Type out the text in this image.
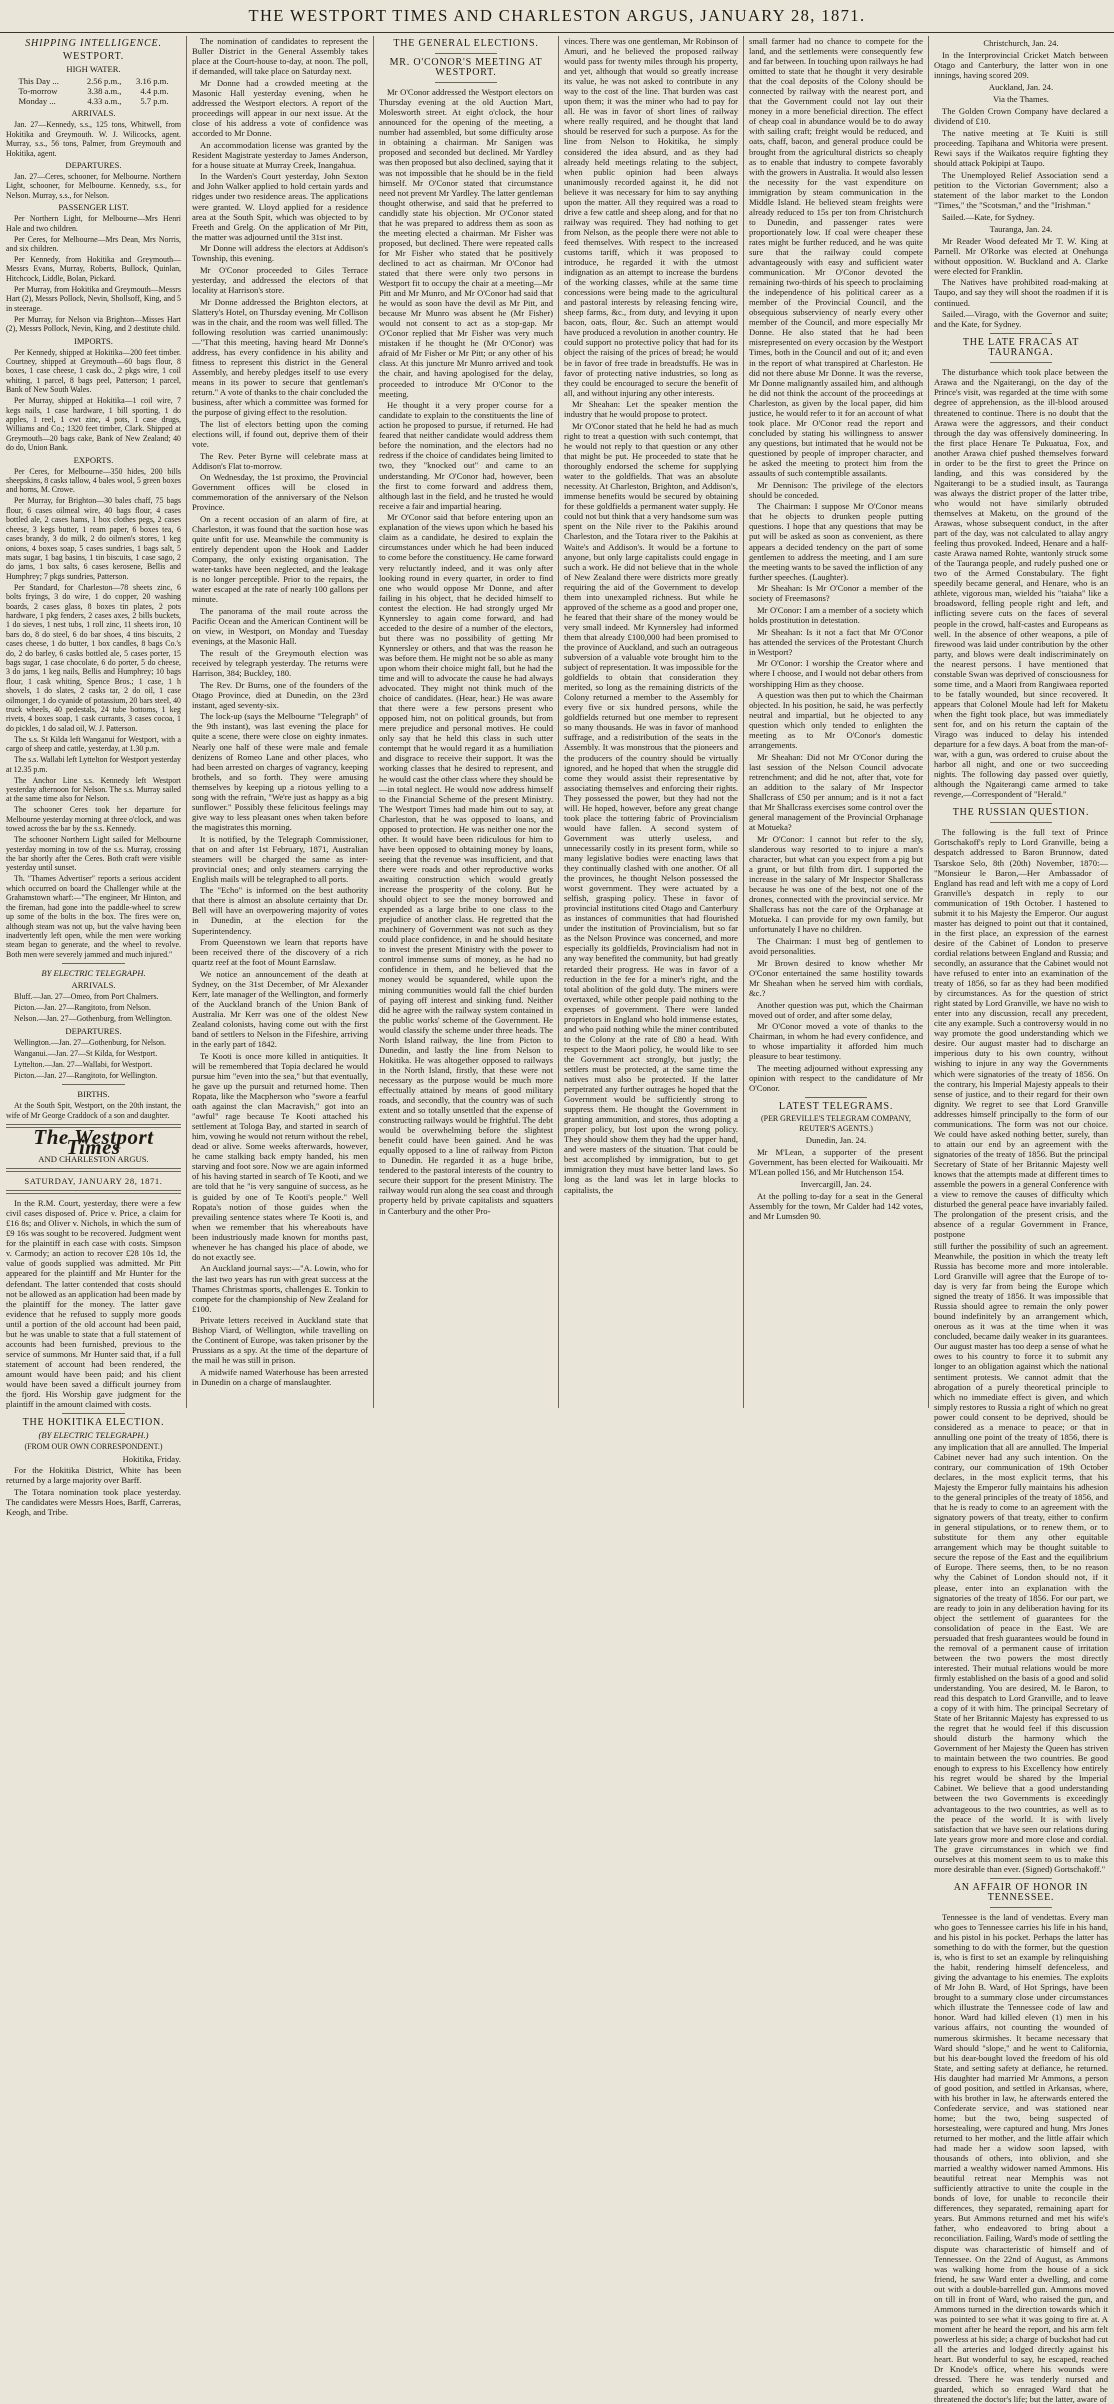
THE WESTPORT TIMES AND CHARLESTON ARGUS, JANUARY 28, 1871.
SHIPPING INTELLIGENCE.
WESTPORT.
HIGH WATER.
This Day ...	2.56 p.m.,	3.16 p.m.
To-morrow	3.38 a.m.,	4.4 p.m.
Monday ...	4.33 a.m.,	5.7 p.m.
ARRIVALS.

Jan. 27—Kennedy, s.s., 125 tons, Whitwell, from Hokitika and Greymouth. W. J. Wilicocks, agent. Murray, s.s., 56 tons, Palmer, from Greymouth and Hokitika, agent.

DEPARTURES.

Jan. 27—Ceres, schooner, for Melbourne. Northern Light, schooner, for Melbourne. Kennedy, s.s., for Nelson. Murray, s.s., for Nelson.

PASSENGER LIST.

Per Northern Light, for Melbourne—Mrs Henri Hale and two children.

Per Ceres, for Melbourne—Mrs Dean, Mrs Norris, and six children.

Per Kennedy, from Hokitika and Greymouth—Messrs Evans, Murray, Roberts, Bullock, Quinlan, Hitchcock, Liddle, Bolan, Pickard.

Per Murray, from Hokitika and Greymouth—Messrs Hart (2), Messrs Pollock, Nevin, Shollsoff, King, and 5 in steerage.

Per Murray, for Nelson via Brighton—Misses Hart (2), Messrs Pollock, Nevin, King, and 2 destitute child.

IMPORTS.

Per Kennedy, shipped at Hokitika—200 feet timber. Courtney, shipped at Greymouth—60 bags flour, 8 boxes, 1 case cheese, 1 cask do., 2 pkgs wire, 1 coil whiting, 1 parcel, 8 bags peel, Patterson; 1 parcel, Bank of New South Wales.

Per Murray, shipped at Hokitika—1 coil wire, 7 kegs nails, 1 case hardware, 1 bill sporting, 1 do apples, 1 reel, 1 cwt zinc, 4 pots, 1 case drugs, Williams and Co.; 1320 feet timber, Clark. Shipped at Greymouth—20 bags cake, Bank of New Zealand; 40 do do, Union Bank.

EXPORTS.

Per Ceres, for Melbourne—350 hides, 200 bills sheepskins, 8 casks tallow, 4 bales wool, 5 green boxes and horns, M. Crowe.

Per Murray, for Brighton—30 bales chaff, 75 bags flour, 6 cases oilmeal wire, 40 bags flour, 4 cases bottled ale, 2 cases hams, 1 box clothes pegs, 2 cases cheese, 3 kegs butter, 1 ream paper, 6 boxes tea, 6 cases brandy, 3 do milk, 2 do oilmen's stores, 1 keg onions, 4 boxes soap, 5 cases sundries, 1 bags salt, 5 mats sugar, 1 bag basins, 1 tin biscuits, 1 case sago, 2 do jams, 1 box salts, 6 cases kerosene, Bellis and Humphrey; 7 pkgs sundries, Patterson.

Per Standard, for Charleston—78 sheets zinc, 6 bolts fryings, 3 do wire, 1 do copper, 20 washing boards, 2 cases glass, 8 boxes tin plates, 2 pots hardware, 1 pkg fenders, 2 cases axes, 2 bills buckets, 1 do sieves, 1 nest tubs, 1 roll zinc, 11 sheets iron, 10 bars do, 8 do steel, 6 do bar shoes, 4 tins biscuits, 2 cases cheese, 1 do butter, 1 box candles, 8 bags Co.'s do, 2 do barley, 6 casks bottled ale, 5 cases porter, 15 bags sugar, 1 case chocolate, 6 do porter, 5 do cheese, 3 do jams, 1 keg nails, Bellis and Humphrey; 10 bags flour, 1 cask whiting, Spence Bros.; 1 case, 1 h shovels, 1 do slates, 2 casks tar, 2 do oil, 1 case oilmonger, 1 do cyanide of potassium, 20 bars steel, 40 truck wheels, 40 pedestals, 24 tube bottoms, 1 keg rivets, 4 boxes soap, 1 cask currants, 3 cases cocoa, 1 do pickles, 1 do salad oil, W. J. Patterson.

The s.s. St Kilda left Wanganui for Westport, with a cargo of sheep and cattle, yesterday, at 1.30 p.m.

The s.s. Wallabi left Lyttelton for Westport yesterday at 12.35 p.m.

The Anchor Line s.s. Kennedy left Westport yesterday afternoon for Nelson. The s.s. Murray sailed at the same time also for Nelson.

The schooner Ceres took her departure for Melbourne yesterday morning at three o'clock, and was towed across the bar by the s.s. Kennedy.

The schooner Northern Light sailed for Melbourne yesterday morning in tow of the s.s. Murray, crossing the bar shortly after the Ceres. Both craft were visible yesterday until sunset.

Th. "Thames Advertiser" reports a serious accident which occurred on board the Challenger while at the Grahamstown wharf:—"The engineer, Mr Hinton, and the fireman, had gone into the paddle-wheel to screw up some of the bolts in the box. The fires were on, although steam was not up, but the valve having been inadvertently left open, while the men were working steam began to generate, and the wheel to revolve. Both men were severely jammed and much injured."

BY ELECTRIC TELEGRAPH.
ARRIVALS.

Bluff.—Jan. 27—Omeo, from Port Chalmers.

Picton.—Jan. 27—Rangitoto, from Nelson.

Nelson.—Jan. 27—Gothenburg, from Wellington.

DEPARTURES.

Wellington.—Jan. 27—Gothenburg, for Nelson.

Wanganui.—Jan. 27—St Kilda, for Westport.

Lyttelton.—Jan. 27—Wallabi, for Westport.

Picton.—Jan. 27—Rangitoto, for Wellington.

BIRTHS.

At the South Spit, Westport, on the 20th instant, the wife of Mr George Craddock of a son and daughter.

The Westport Times
AND CHARLESTON ARGUS.
SATURDAY, JANUARY 28, 1871.

In the R.M. Court, yesterday, there were a few civil cases disposed of. Price v. Price, a claim for £16 8s; and Oliver v. Nichols, in which the sum of £9 16s was sought to be recovered. Judgment went for the plaintiff in each case with costs. Simpson v. Carmody; an action to recover £28 10s 1d, the value of goods supplied was admitted. Mr Pitt appeared for the plaintiff and Mr Hunter for the defendant. The latter contended that costs should not be allowed as an application had been made by the plaintiff for the money. The latter gave evidence that he refused to supply more goods until a portion of the old account had been paid, but he was unable to state that a full statement of accounts had been furnished, previous to the service of summons. Mr Hunter said that, if a full statement of account had been rendered, the amount would have been paid; and his client would have been saved a difficult journey from the fjord. His Worship gave judgment for the plaintiff in the amount claimed with costs.

THE HOKITIKA ELECTION.
(BY ELECTRIC TELEGRAPH.)
(FROM OUR OWN CORRESPONDENT.)

Hokitika, Friday.

For the Hokitika District, White has been returned by a large majority over Barff.

The Totara nomination took place yesterday. The candidates were Messrs Hoes, Barff, Carreras, Keogh, and Tribe.

The nomination of candidates to represent the Buller District in the General Assembly takes place at the Court-house to-day, at noon. The poll, if demanded, will take place on Saturday next.

Mr Donne had a crowded meeting at the Masonic Hall yesterday evening, when he addressed the Westport electors. A report of the proceedings will appear in our next issue. At the close of his address a vote of confidence was accorded to Mr Donne.

An accommodation license was granted by the Resident Magistrate yesterday to James Anderson, for a house situate at Murray Creek, Inangahua.

In the Warden's Court yesterday, John Sexton and John Walker applied to hold certain yards and ridges under two residence areas. The applications were granted. W. Lloyd applied for a residence area at the South Spit, which was objected to by Freeth and Grelg. On the application of Mr Pitt, the matter was adjourned until the 31st inst.

Mr Donne will address the electors at Addison's Township, this evening.

Mr O'Conor proceeded to Giles Terrace yesterday, and addressed the electors of that locality at Harrison's store.

Mr Donne addressed the Brighton electors, at Slattery's Hotel, on Thursday evening. Mr Collison was in the chair, and the room was well filled. The following resolution was carried unanimously:—"That this meeting, having heard Mr Donne's address, has every confidence in his ability and fitness to represent this district in the General Assembly, and hereby pledges itself to use every means in its power to secure that gentleman's return." A vote of thanks to the chair concluded the business, after which a committee was formed for the purpose of giving effect to the resolution.

The list of electors betting upon the coming elections will, if found out, deprive them of their vote.

The Rev. Peter Byrne will celebrate mass at Addison's Flat to-morrow.

On Wednesday, the 1st proximo, the Provincial Government offices will be closed in commemoration of the anniversary of the Nelson Province.

On a recent occasion of an alarm of fire, at Charleston, it was found that the suction hose was quite unfit for use. Meanwhile the community is entirely dependent upon the Hook and Ladder Company, the only existing organisation. The water-tanks have been neglected, and the leakage is no longer perceptible. Prior to the repairs, the water escaped at the rate of nearly 100 gallons per minute.

The panorama of the mail route across the Pacific Ocean and the American Continent will be on view, in Westport, on Monday and Tuesday evenings, at the Masonic Hall.

The result of the Greymouth election was received by telegraph yesterday. The returns were Harrison, 384; Buckley, 180.

The Rev. Dr Burns, one of the founders of the Otago Province, died at Dunedin, on the 23rd instant, aged seventy-six.

The lock-up (says the Melbourne "Telegraph" of the 9th instant), was last evening the place for quite a scene, there were close on eighty inmates. Nearly one half of these were male and female denizens of Romeo Lane and other places, who had been arrested on charges of vagrancy, keeping brothels, and so forth. They were amusing themselves by keeping up a riotous yelling to a song with the refrain, "We're just as happy as a big sunflower." Possibly these felicitous feelings may give way to less pleasant ones when taken before the magistrates this morning.

It is notified, by the Telegraph Commissioner, that on and after 1st February, 1871, Australian steamers will be charged the same as inter-provincial ones; and only steamers carrying the English mails will be telegraphed to all ports.

The "Echo" is informed on the best authority that there is almost an absolute certainty that Dr. Bell will have an overpowering majority of votes in Dunedin, at the election for the Superintendency.

From Queenstown we learn that reports have been received there of the discovery of a rich quartz reef at the foot of Mount Earnslaw.

We notice an announcement of the death at Sydney, on the 31st December, of Mr Alexander Kerr, late manager of the Wellington, and formerly of the Auckland branch of the Union Bank of Australia. Mr Kerr was one of the oldest New Zealand colonists, having come out with the first band of settlers to Nelson in the Fifeshire, arriving in the early part of 1842.

Te Kooti is once more killed in antiquities. It will be remembered that Topia declared he would pursue him "even into the sea," but that eventually, he gave up the pursuit and returned home. Then Ropata, like the Macpherson who "swore a fearful oath against the clan Macravish," got into an "awful" rage because Te Kooti attached his settlement at Tologa Bay, and started in search of him, vowing he would not return without the rebel, dead or alive. Some weeks afterwards, however, he came stalking back empty handed, his men starving and foot sore. Now we are again informed of his having started in search of Te Kooti, and we are told that he "is very sanguine of success, as he is guided by one of Te Kooti's people." Well Ropata's notion of those guides when the prevailing sentence states where Te Kooti is, and when we remember that his whereabouts have been industriously made known for months past, whenever he has changed his place of abode, we do not exactly see.

An Auckland journal says:—"A. Lowin, who for the last two years has run with great success at the Thames Christmas sports, challenges E. Tonkin to compete for the championship of New Zealand for £100.

Private letters received in Auckland state that Bishop Viard, of Wellington, while travelling on the Continent of Europe, was taken prisoner by the Prussians as a spy. At the time of the departure of the mail he was still in prison.

A midwife named Waterhouse has been arrested in Dunedin on a charge of manslaughter.

THE GENERAL ELECTIONS.
MR. O'CONOR'S MEETING AT WESTPORT.

Mr O'Conor addressed the Westport electors on Thursday evening at the old Auction Mart, Molesworth street. At eight o'clock, the hour announced for the opening of the meeting, a number had assembled, but some difficulty arose in obtaining a chairman. Mr Sanigen was proposed and seconded but declined. Mr Yardley was then proposed but also declined, saying that it was not impossible that he should be in the field himself. Mr O'Conor stated that circumstance need not prevent Mr Yardley. The latter gentleman thought otherwise, and said that he preferred to candidly state his objection. Mr O'Conor stated that he was prepared to address them as soon as the meeting elected a chairman. Mr Fisher was proposed, but declined. There were repeated calls for Mr Fisher who stated that he positively declined to act as chairman. Mr O'Conor had stated that there were only two persons in Westport fit to occupy the chair at a meeting—Mr Pitt and Mr Munro, and Mr O'Conor had said that he would as soon have the devil as Mr Pitt, and because Mr Munro was absent he (Mr Fisher) would not consent to act as a stop-gap. Mr O'Conor replied that Mr Fisher was very much mistaken if he thought he (Mr O'Conor) was afraid of Mr Fisher or Mr Pitt; or any other of his class. At this juncture Mr Munro arrived and took the chair, and having apologised for the delay, proceeded to introduce Mr O'Conor to the meeting.

He thought it a very proper course for a candidate to explain to the constituents the line of action he proposed to pursue, if returned. He had feared that neither candidate would address them before the nomination, and the electors had no redress if the choice of candidates being limited to two, they "knocked out" and came to an understanding. Mr O'Conor had, however, been the first to come forward and address them, although last in the field, and he trusted he would receive a fair and impartial hearing.

Mr O'Conor said that before entering upon an explanation of the views upon which he based his claim as a candidate, he desired to explain the circumstances under which he had been induced to come before the constituency. He came forward very reluctantly indeed, and it was only after looking round in every quarter, in order to find one who would oppose Mr Donne, and after failing in his object, that he decided himself to contest the election. He had strongly urged Mr Kynnersley to again come forward, and had acceded to the desire of a number of the electors, but there was no possibility of getting Mr Kynnersley or others, and that was the reason he was before them. He might not be so able as many upon whom their choice might fall, but he had the time and will to advocate the cause he had always advocated. They might not think much of the choice of candidates. (Hear, hear.) He was aware that there were a few persons present who opposed him, not on political grounds, but from mere prejudice and personal motives. He could only say that he held this class in such utter contempt that he would regard it as a humiliation and disgrace to receive their support. It was the working classes that he desired to represent, and he would cast the other class where they should be—in total neglect. He would now address himself to the Financial Scheme of the present Ministry. The Westport Times had made him out to say, at Charleston, that he was opposed to loans, and opposed to protection. He was neither one nor the other. It would have been ridiculous for him to have been opposed to obtaining money by loans, seeing that the revenue was insufficient, and that there were roads and other reproductive works awaiting construction which would greatly increase the prosperity of the colony. But he should object to see the money borrowed and expended as a large bribe to one class to the prejudice of another class. He regretted that the machinery of Government was not such as they could place confidence, in and he should hesitate to invest the present Ministry with the power to control immense sums of money, as he had no confidence in them, and he believed that the money would be squandered, while upon the mining communities would fall the chief burden of paying off interest and sinking fund. Neither did he agree with the railway system contained in the public works' scheme of the Government. He would classify the scheme under three heads. The North Island railway, the line from Picton to Dunedin, and lastly the line from Nelson to Hokitika. He was altogether opposed to railways in the North Island, firstly, that these were not necessary as the purpose would be much more effectually attained by means of good military roads, and secondly, that the country was of such extent and so totally unsettled that the expense of constructing railways would be frightful. The debt would be overwhelming before the slightest benefit could have been gained. And he was equally opposed to a line of railway from Picton to Dunedin. He regarded it as a huge bribe, tendered to the pastoral interests of the country to secure their support for the present Ministry. The railway would run along the sea coast and through property held by private capitalists and squatters in Canterbury and the other Pro-

vinces. There was one gentleman, Mr Robinson of Amuri, and he believed the proposed railway would pass for twenty miles through his property, and yet, although that would so greatly increase its value, he was not asked to contribute in any way to the cost of the line. That burden was cast upon them; it was the miner who had to pay for all. He was in favor of short lines of railway where really required, and he thought that land should be reserved for such a purpose. As for the line from Nelson to Hokitika, he simply considered the idea absurd, and as they had already held meetings relating to the subject, when public opinion had been always unanimously recorded against it, he did not believe it was necessary for him to say anything upon the matter. All they required was a road to drive a few cattle and sheep along, and for that no railway was required. They had nothing to get from Nelson, as the people there were not able to feed themselves. With respect to the increased customs tariff, which it was proposed to introduce, he regarded it with the utmost indignation as an attempt to increase the burdens of the working classes, while at the same time concessions were being made to the agricultural and pastoral interests by releasing fencing wire, sheep farms, &c., from duty, and levying it upon bacon, oats, flour, &c. Such an attempt would have produced a revolution in another country. He could support no protective policy that had for its object the raising of the prices of bread; he would be in favor of free trade in breadstuffs. He was in favor of protecting native industries, so long as they could be encouraged to secure the benefit of all, and without injuring any other interests.

Mr Sheahan: Let the speaker mention the industry that he would propose to protect.

Mr O'Conor stated that he held he had as much right to treat a question with such contempt, that he would not reply to that question or any other that might be put. He proceeded to state that he thoroughly endorsed the scheme for supplying water to the goldfields. That was an absolute necessity. At Charleston, Brighton, and Addison's, immense benefits would be secured by obtaining for these goldfields a permanent water supply. He could not but think that a very handsome sum was spent on the Nile river to the Pakihis around Charleston, and the Totara river to the Pakihis at Waite's and Addison's. It would be a fortune to anyone, but only large capitalists could engage in such a work. He did not believe that in the whole of New Zealand there were districts more greatly requiring the aid of the Government to develop them into unexampled richness. But while he approved of the scheme as a good and proper one, he feared that their share of the money would be very small indeed. Mr Kynnersley had informed them that already £100,000 had been promised to the province of Auckland, and such an outrageous subversion of a valuable vote brought him to the subject of representation. It was impossible for the goldfields to obtain that consideration they merited, so long as the remaining districts of the Colony returned a member to the Assembly for every five or six hundred persons, while the goldfields returned but one member to represent so many thousands. He was in favor of manhood suffrage, and a redistribution of the seats in the Assembly. It was monstrous that the pioneers and the producers of the country should be virtually ignored, and he hoped that when the struggle did come they would assist their representative by associating themselves and enforcing their rights. They possessed the power, but they had not the will. He hoped, however, before any great change took place the tottering fabric of Provincialism would have fallen. A second system of Government was utterly useless, and unnecessarily costly in its present form, while so many legislative bodies were enacting laws that they continually clashed with one another. Of all the provinces, he thought Nelson possessed the worst government. They were actuated by a selfish, grasping policy. These in favor of provincial institutions cited Otago and Canterbury as instances of communities that had flourished under the institution of Provincialism, but so far as the Nelson Province was concerned, and more especially its goldfields, Provincialism had not in any way benefited the community, but had greatly retarded their progress. He was in favor of a reduction in the fee for a miner's right, and the total abolition of the gold duty. The miners were overtaxed, while other people paid nothing to the expenses of government. There were landed proprietors in England who hold immense estates, and who paid nothing while the miner contributed to the Colony at the rate of £80 a head. With respect to the Maori policy, he would like to see the Government act strongly, but justly; the settlers must be protected, at the same time the natives must also be protected. If the latter perpetrated any further outrages he hoped that the Government would be sufficiently strong to suppress them. He thought the Government in granting ammunition, and stores, thus adopting a proper policy, but lost upon the wrong policy. They should show them they had the upper hand, and were masters of the situation. That could be best accomplished by immigration, but to get immigration they must have better land laws. So long as the land was let in large blocks to capitalists, the

small farmer had no chance to compete for the land, and the settlements were consequently few and far between. In touching upon railways he had omitted to state that he thought it very desirable that the coal deposits of the Colony should be connected by railway with the nearest port, and that the Government could not lay out their money in a more beneficial direction. The effect of cheap coal in abundance would be to do away with sailing craft; freight would be reduced, and oats, chaff, bacon, and general produce could be brought from the agricultural districts so cheaply as to enable that industry to compete favorably with the growers in Australia. It would also lessen the necessity for the vast expenditure on immigration by steam communication in the Middle Island. He believed steam freights were already reduced to 15s per ton from Christchurch to Dunedin, and passenger rates were proportionately low. If coal were cheaper these rates might be further reduced, and he was quite sure that the railway could compete advantageously with easy and sufficient water communication. Mr O'Conor devoted the remaining two-thirds of his speech to proclaiming the independence of his political career as a member of the Provincial Council, and the obsequious subserviency of nearly every other member of the Council, and more especially Mr Donne. He also stated that he had been misrepresented on every occasion by the Westport Times, both in the Council and out of it; and even in the report of what transpired at Charleston. He did not there abuse Mr Donne. It was the reverse, Mr Donne malignantly assailed him, and although he did not think the account of the proceedings at Charleston, as given by the local paper, did him justice, he would refer to it for an account of what took place. Mr O'Conor read the report and concluded by stating his willingness to answer any questions, but intimated that he would not be questioned by people of improper character, and he asked the meeting to protect him from the assaults of such contemptible assailants.

Mr Dennison: The privilege of the electors should be conceded.

The Chairman: I suppose Mr O'Conor means that he objects to drunken people putting questions. I hope that any questions that may be put will be asked as soon as convenient, as there appears a decided tendency on the part of some gentlemen to address the meeting, and I am sure the meeting wants to be saved the infliction of any further speeches. (Laughter).

Mr Sheahan: Is Mr O'Conor a member of the society of Freemasons?

Mr O'Conor: I am a member of a society which holds prostitution in detestation.

Mr Sheahan: Is it not a fact that Mr O'Conor has attended the services of the Protestant Church in Westport?

Mr O'Conor: I worship the Creator where and where I choose, and I would not debar others from worshipping Him as they choose.

A question was then put to which the Chairman objected. In his position, he said, he was perfectly neutral and impartial, but he objected to any question which only tended to enlighten the meeting as to Mr O'Conor's domestic arrangements.

Mr Sheahan: Did not Mr O'Conor during the last session of the Nelson Council advocate retrenchment; and did he not, after that, vote for an addition to the salary of Mr Inspector Shallcrass of £50 per annum; and is it not a fact that Mr Shallcrass exercises some control over the general management of the Provincial Orphanage at Motueka?

Mr O'Conor: I cannot but refer to the sly, slanderous way resorted to to injure a man's character, but what can you expect from a pig but a grunt, or but filth from dirt. I supported the increase in the salary of Mr Inspector Shallcrass because he was one of the best, not one of the drones, connected with the provincial service. Mr Shallcrass has not the care of the Orphanage at Motueka. I can provide for my own family, but unfortunately I have no children.

The Chairman: I must beg of gentlemen to avoid personalities.

Mr Brown desired to know whether Mr O'Conor entertained the same hostility towards Mr Sheahan when he served him with cordials, &c.?

Another question was put, which the Chairman moved out of order, and after some delay,

Mr O'Conor moved a vote of thanks to the Chairman, in whom he had every confidence, and to whose impartiality it afforded him much pleasure to bear testimony.

The meeting adjourned without expressing any opinion with respect to the candidature of Mr O'Conor.

LATEST TELEGRAMS.
(PER GREVILLE'S TELEGRAM COMPANY, REUTER'S AGENTS.)
Dunedin, Jan. 24.

Mr M'Lean, a supporter of the present Government, has been elected for Waikouaiti. Mr M'Lean polled 156, and Mr Hutchenson 154.

Invercargill, Jan. 24.

At the polling to-day for a seat in the General Assembly for the town, Mr Calder had 142 votes, and Mr Lumsden 90.

Christchurch, Jan. 24.

In the Interprovincial Cricket Match between Otago and Canterbury, the latter won in one innings, having scored 209.

Auckland, Jan. 24.
Via the Thames.

The Golden Crown Company have declared a dividend of £10.

The native meeting at Te Kuiti is still proceeding. Tapihana and Whitoria were present. Rewi says if the Waikatos require fighting they should attack Pokipipi at Taupo.

The Unemployed Relief Association send a petition to the Victorian Government; also a statement of the labor market to the London "Times," the "Scotsman," and the "Irishman."

Sailed.—Kate, for Sydney.

Tauranga, Jan. 24.

Mr Reader Wood defeated Mr T. W. King at Parnell. Mr O'Rorke was elected at Onehunga without opposition. W. Buckland and A. Clarke were elected for Franklin.

The Natives have prohibited road-making at Taupo, and say they will shoot the roadmen if it is continued.

Sailed.—Virago, with the Governor and suite; and the Kate, for Sydney.

THE LATE FRACAS AT TAURANGA.

The disturbance which took place between the Arawa and the Ngaiterangi, on the day of the Prince's visit, was regarded at the time with some degree of apprehension, as the ill-blood aroused threatened to continue. There is no doubt that the Arawa were the aggressors, and their conduct through the day was offensively domineering. In the first place Henare Te Pukuatua, Fox, and another Arawa chief pushed themselves forward in order to be the first to greet the Prince on landing, and this was considered by the Ngaiterangi to be a studied insult, as Tauranga was always the district proper of the latter tribe, who would not have similarly obtruded themselves at Maketu, on the ground of the Arawas, whose subsequent conduct, in the after part of the day, was not calculated to allay angry feeling thus provoked. Indeed, Henare and a half-caste Arawa named Rohte, wantonly struck some of the Tauranga people, and rudely pushed one or two of the Armed Constabulary. The fight speedily became general, and Henare, who is an athlete, vigorous man, wielded his "taiaha" like a broadsword, felling people right and left, and inflicting severe cuts on the faces of several people in the crowd, half-castes and Europeans as well. In the absence of other weapons, a pile of firewood was laid under contribution by the other party, and blows were dealt indiscriminately on the nearest persons. I have mentioned that constable Swan was deprived of consciousness for some time, and a Maori from Rangiwaea reported to be fatally wounded, but since recovered. It appears that Colonel Moule had left for Maketu when the fight took place, but was immediately sent for, and on his return the captain of the Virago was induced to delay his intended departure for a few days. A boat from the man-of-war, with a gun, was ordered to cruise about the harbor all night, and one or two succeeding nights. The following day passed over quietly, although the Ngaiterangi came armed to take revenge,—Correspondent of "Herald."

THE RUSSIAN QUESTION.

The following is the full text of Prince Gortschakoff's reply to Lord Granville, being a despatch addressed to Baron Brunnow, dated Tsarskoe Selo, 8th (20th) November, 1870:— "Monsieur le Baron,—Her Ambassador of England has read and left with me a copy of Lord Granville's despatch in reply to our communication of 19th October. I hastened to submit it to his Majesty the Emperor. Our august master has deigned to point out that it contained, in the first place, an expression of the earnest desire of the Cabinet of London to preserve cordial relations between England and Russia; and secondly, an assurance that the Cabinet would not have refused to enter into an examination of the treaty of 1856, so far as they had been modified by circumstances. As for the question of strict right stated by Lord Granville, we have no wish to enter into any discussion, recall any precedent, cite any example. Such a controversy would in no way promote the good understanding which we desire. Our august master had to discharge an imperious duty to his own country, without wishing to injure in any way the Governments which were signatories of the treaty of 1856. On the contrary, his Imperial Majesty appeals to their sense of justice, and to their regard for their own dignity. We regret to see that Lord Granville addresses himself principally to the form of our communications. The form was not our choice. We could have asked nothing better, surely, than to attain our end by an agreement with the signatories of the treaty of 1856. But the principal Secretary of State of her Britannic Majesty well knows that the attempts made at different times to assemble the powers in a general Conference with a view to remove the causes of difficulty which disturbed the general peace have invariably failed. The prolongation of the present crisis, and the absence of a regular Government in France, postpone

still further the possibility of such an agreement. Meanwhile, the position in which the treaty left Russia has become more and more intolerable. Lord Granville will agree that the Europe of to-day is very far from being the Europe which signed the treaty of 1856. It was impossible that Russia should agree to remain the only power bound indefinitely by an arrangement which, onerous as it was at the time when it was concluded, became daily weaker in its guarantees. Our august master has too deep a sense of what he owes to his country to force it to submit any longer to an obligation against which the national sentiment protests. We cannot admit that the abrogation of a purely theoretical principle to which no immediate effect is given, and which simply restores to Russia a right of which no great power could consent to be deprived, should be considered as a menace to peace; or that in annulling one point of the treaty of 1856, there is any implication that all are annulled. The Imperial Cabinet never had any such intention. On the contrary, our communication of 19th October declares, in the most explicit terms, that his Majesty the Emperor fully maintains his adhesion to the general principles of the treaty of 1856, and that he is ready to come to an agreement with the signatory powers of that treaty, either to confirm in general stipulations, or to renew them, or to substitute for them any other equitable arrangement which may be thought suitable to secure the repose of the East and the equilibrium of Europe. There seems, then, to be no reason why the Cabinet of London should not, if it please, enter into an explanation with the signatories of the treaty of 1856. For our part, we are ready to join in any deliberation having for its object the settlement of guarantees for the consolidation of peace in the East. We are persuaded that fresh guarantees would be found in the removal of a permanent cause of irritation between the two powers the most directly interested. Their mutual relations would be more firmly established on the basis of a good and solid understanding. You are desired, M. le Baron, to read this despatch to Lord Granville, and to leave a copy of it with him. The principal Secretary of State of her Britannic Majesty has expressed to us the regret that he would feel if this discussion should disturb the harmony which the Government of her Majesty the Queen has striven to maintain between the two countries. Be good enough to express to his Excellency how entirely his regret would be shared by the Imperial Cabinet. We believe that a good understanding between the two Governments is exceedingly advantageous to the two countries, as well as to the peace of the world. It is with lively satisfaction that we have seen our relations during late years grow more and more close and cordial. The grave circumstances in which we find ourselves at this moment seem to us to make this more desirable than ever. (Signed) Gortschakoff."

AN AFFAIR OF HONOR IN TENNESSEE.

Tennessee is the land of vendettas. Every man who goes to Tennessee carries his life in his hand, and his pistol in his pocket. Perhaps the latter has something to do with the former, but the question is, who is first to set an example by relinquishing the habit, rendering himself defenceless, and giving the advantage to his enemies. The exploits of Mr John B. Ward, of Hot Springs, have been brought to a summary close under circumstances which illustrate the Tennessee code of law and honor. Ward had killed eleven (1) men in his various affairs, not counting the wounded of numerous skirmishes. It became necessary that Ward should "slope," and he went to California, but his dear-bought loved the freedom of his old State, and setting safety at defiance, he returned. His daughter had married Mr Ammons, a person of good position, and settled in Arkansas, where, with his brother in law, he afterwards entered the Confederate service, and was stationed near home; but the two, being suspected of horsestealing, were captured and hung. Mrs Jones returned to her mother, and the little affair which had made her a widow soon lapsed, with thousands of others, into oblivion, and she married a wealthy widower named Ammons. His beautiful retreat near Memphis was not sufficiently attractive to unite the couple in the bonds of love, for unable to reconcile their differences, they separated, remaining apart for years. But Ammons returned and met his wife's father, who endeavored to bring about a reconciliation. Failing, Ward's mode of settling the dispute was characteristic of himself and of Tennessee. On the 22nd of August, as Ammons was walking home from the house of a sick friend, he saw Ward enter a dwelling, and come out with a double-barrelled gun. Ammons moved on till in front of Ward, who raised the gun, and Ammons turned in the direction towards which it was pointed to see what it was going to fire at. A moment after he heard the report, and his arm felt powerless at his side; a charge of buckshot had cut all the arteries and lodged directly against his heart. But wonderful to say, he escaped, reached Dr Knode's office, where his wounds were dressed. There he was tenderly nursed and guarded, which so enraged Ward that he threatened the doctor's life; but the latter, aware of
